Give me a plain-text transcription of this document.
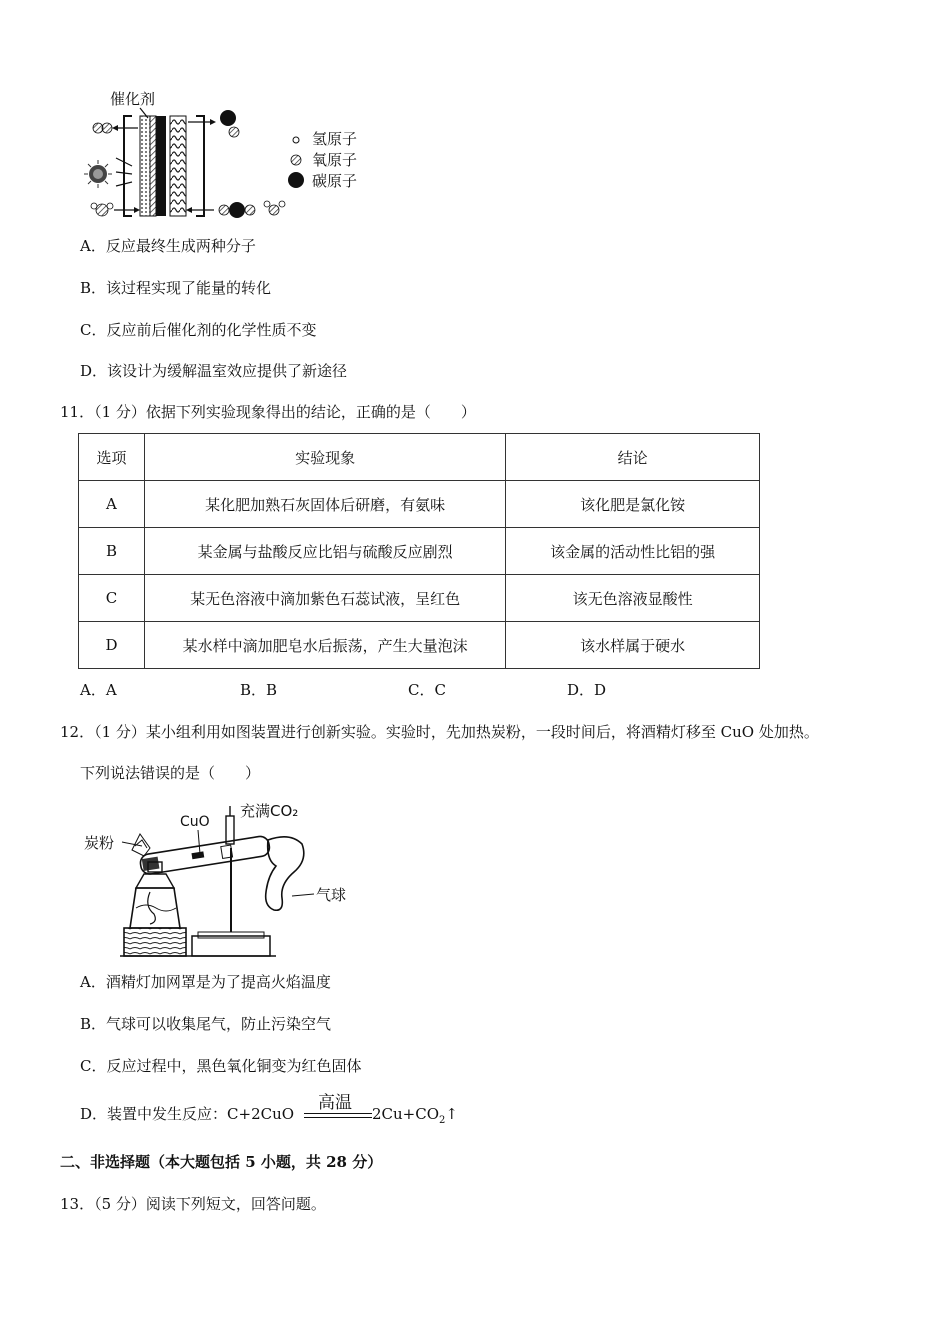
催化剂
氢原子
氧原子
碳原子
A．反应最终生成两种分子
B．该过程实现了能量的转化
C．反应前后催化剂的化学性质不变
D．该设计为缓解温室效应提供了新途径
11．（1 分）依据下列实验现象得出的结论，正确的是（　　）
选项	实验现象	结论
A	某化肥加熟石灰固体后研磨，有氨味	该化肥是氯化铵
B	某金属与盐酸反应比铝与硫酸反应剧烈	该金属的活动性比铝的强
C	某无色溶液中滴加紫色石蕊试液，呈红色	该无色溶液显酸性
D	某水样中滴加肥皂水后振荡，产生大量泡沫	该水样属于硬水
A．A	B．B	C．C	D．D
12．（1 分）某小组利用如图装置进行创新实验。实验时，先加热炭粉，一段时间后，将酒精灯移至 CuO 处加热。
下列说法错误的是（　　）
CuO
充满CO₂
炭粉
气球
A．酒精灯加网罩是为了提高火焰温度
B．气球可以收集尾气，防止污染空气
C．反应过程中，黑色氧化铜变为红色固体
D．装置中发生反应：C+2CuO
高温
$2Cu+CO_2↑$
二、非选择题（本大题包括 5 小题，共 28 分）
13．（5 分）阅读下列短文，回答问题。
